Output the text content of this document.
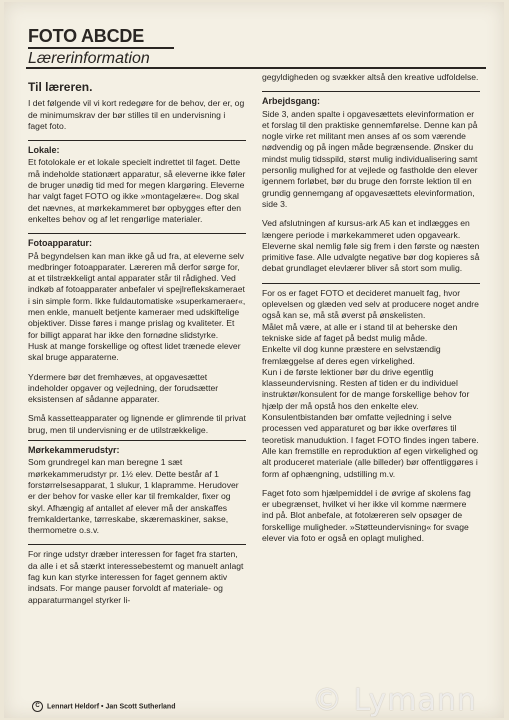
FOTO ABCDE
Lærerinformation
Til læreren.
I det følgende vil vi kort redegøre for de behov, der er, og de minimumskrav der bør stilles til en undervisning i faget foto.
Lokale:
Et fotolokale er et lokale specielt indrettet til faget. Dette må indeholde stationært apparatur, så eleverne ikke føler de bruger unødig tid med for megen klargøring. Eleverne har valgt faget FOTO og ikke »montagelære«. Dog skal det nævnes, at mørkekammeret bør opbygges efter den enkeltes behov og af let rengørlige materialer.
Fotoapparatur:
På begyndelsen kan man ikke gå ud fra, at eleverne selv medbringer fotoapparater. Læreren må derfor sørge for, at et tilstrækkeligt antal apparater står til rådighed. Ved indkøb af fotoapparater anbefaler vi spejlreflekskameraet i sin simple form. Ikke fuldautomatiske »superkameraer«, men enkle, manuelt betjente kameraer med udskiftelige objektiver. Disse føres i mange prislag og kvaliteter. Et for billigt apparat har ikke den fornødne slidstyrke.
Husk at mange forskellige og oftest lidet trænede elever skal bruge apparaterne.
Ydermere bør det fremhæves, at opgavesættet indeholder opgaver og vejledning, der forudsætter eksistensen af sådanne apparater.
Små kassetteapparater og lignende er glimrende til privat brug, men til undervisning er de utilstrækkelige.
Mørkekammerudstyr:
Som grundregel kan man beregne 1 sæt mørkekammerudstyr pr. 1½ elev. Dette består af 1 forstørrelsesapparat, 1 slukur, 1 klapramme. Herudover er der behov for vaske eller kar til fremkalder, fixer og skyl. Afhængig af antallet af elever må der anskaffes fremkaldertanke, tørreskabe, skæremaskiner, sakse, thermometre o.s.v.
For ringe udstyr dræber interessen for faget fra starten, da alle i et så stærkt interessebestemt og manuelt anlagt fag kun kan styrke interessen for faget gennem aktiv indsats. For mange pauser forvoldt af materiale- og apparaturmangel styrker li-
gegyldigheden og svækker altså den kreative udfoldelse.
Arbejdsgang:
Side 3, anden spalte i opgavesættets elevinformation er et forslag til den praktiske gennemførelse. Denne kan på nogle virke ret militant men anses af os som værende nødvendig og på ingen måde begrænsende. Ønsker du mindst mulig tidsspild, størst mulig individualisering samt personlig mulighed for at vejlede og fastholde den elever igennem forløbet, bør du bruge den forrste lektion til en grundig gennemgang af opgavesættets elevinformation, side 3.
Ved afslutningen af kursus-ark A5 kan et indlægges en længere periode i mørkekammeret uden opgaveark. Eleverne skal nemlig føle sig frem i den første og næsten primitive fase. Alle udvalgte negative bør dog kopieres så debat grundlaget elevlærer bliver så stort som mulig.
For os er faget FOTO et decideret manuelt fag, hvor oplevelsen og glæden ved selv at producere noget andre også kan se, må stå øverst på ønskelisten.
Målet må være, at alle er i stand til at beherske den tekniske side af faget på bedst mulig måde.
Enkelte vil dog kunne præstere en selvstændig fremlæggelse af deres egen virkelighed.
Kun i de første lektioner bør du drive egentlig klasseundervisning. Resten af tiden er du individuel instruktør/konsulent for de mange forskellige behov for hjælp der må opstå hos den enkelte elev. Konsulentbistanden bør omfatte vejledning i selve processen ved apparaturet og bør ikke overføres til teoretisk manuduktion. I faget FOTO findes ingen tabere. Alle kan fremstille en reproduktion af egen virkelighed og alt produceret materiale (alle billeder) bør offentliggøres i form af ophængning, udstilling m.v.
Faget foto som hjælpemiddel i de øvrige af skolens fag er ubegrænset, hvilket vi her ikke vil komme nærmere ind på. Blot anbefale, at fotolæreren selv opsøger de forskellige muligheder. »Støtteundervisning« for svage elever via foto er også en oplagt mulighed.
C Lennart Heldorf • Jan Scott Sutherland	© Lymann
